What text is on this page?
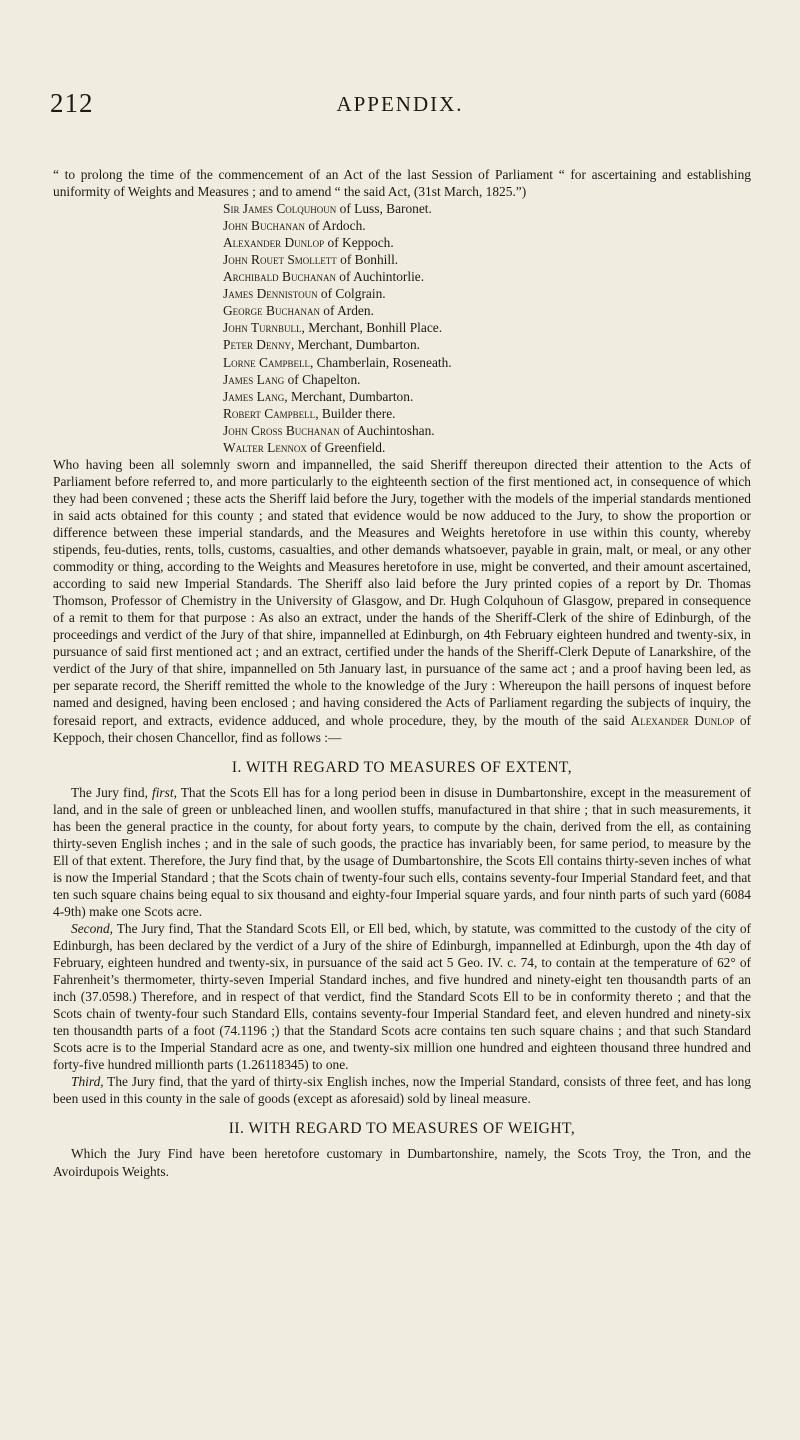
212	APPENDIX.

“ to prolong the time of the commencement of an Act of the last Session of Parliament “ for ascertaining and establishing uniformity of Weights and Measures ; and to amend “ the said Act, (31st March, 1825.”)

Sir James Colquhoun of Luss, Baronet.
John Buchanan of Ardoch.
Alexander Dunlop of Keppoch.
John Rouet Smollett of Bonhill.
Archibald Buchanan of Auchintorlie.
James Dennistoun of Colgrain.
George Buchanan of Arden.
John Turnbull, Merchant, Bonhill Place.
Peter Denny, Merchant, Dumbarton.
Lorne Campbell, Chamberlain, Roseneath.
James Lang of Chapelton.
James Lang, Merchant, Dumbarton.
Robert Campbell, Builder there.
John Cross Buchanan of Auchintoshan.
Walter Lennox of Greenfield.

Who having been all solemnly sworn and impannelled, the said Sheriff thereupon directed their attention to the Acts of Parliament before referred to, and more particularly to the eighteenth section of the first mentioned act, in consequence of which they had been convened ; these acts the Sheriff laid before the Jury, together with the models of the imperial standards mentioned in said acts obtained for this county ; and stated that evidence would be now adduced to the Jury, to show the proportion or difference between these imperial standards, and the Measures and Weights heretofore in use within this county, whereby stipends, feu-duties, rents, tolls, customs, casualties, and other demands whatsoever, payable in grain, malt, or meal, or any other commodity or thing, according to the Weights and Measures heretofore in use, might be converted, and their amount ascertained, according to said new Imperial Standards. The Sheriff also laid before the Jury printed copies of a report by Dr. Thomas Thomson, Professor of Chemistry in the University of Glasgow, and Dr. Hugh Colquhoun of Glasgow, prepared in consequence of a remit to them for that purpose : As also an extract, under the hands of the Sheriff-Clerk of the shire of Edinburgh, of the proceedings and verdict of the Jury of that shire, impannelled at Edinburgh, on 4th February eighteen hundred and twenty-six, in pursuance of said first mentioned act ; and an extract, certified under the hands of the Sheriff-Clerk Depute of Lanarkshire, of the verdict of the Jury of that shire, impannelled on 5th January last, in pursuance of the same act ; and a proof having been led, as per separate record, the Sheriff remitted the whole to the knowledge of the Jury : Whereupon the haill persons of inquest before named and designed, having been enclosed ; and having considered the Acts of Parliament regarding the subjects of inquiry, the foresaid report, and extracts, evidence adduced, and whole procedure, they, by the mouth of the said Alexander Dunlop of Keppoch, their chosen Chancellor, find as follows :—

I. WITH REGARD TO MEASURES OF EXTENT,

The Jury find, first, That the Scots Ell has for a long period been in disuse in Dumbartonshire, except in the measurement of land, and in the sale of green or unbleached linen, and woollen stuffs, manufactured in that shire ; that in such measurements, it has been the general practice in the county, for about forty years, to compute by the chain, derived from the ell, as containing thirty-seven English inches ; and in the sale of such goods, the practice has invariably been, for same period, to measure by the Ell of that extent. Therefore, the Jury find that, by the usage of Dumbartonshire, the Scots Ell contains thirty-seven inches of what is now the Imperial Standard ; that the Scots chain of twenty-four such ells, contains seventy-four Imperial Standard feet, and that ten such square chains being equal to six thousand and eighty-four Imperial square yards, and four ninth parts of such yard (6084 4-9th) make one Scots acre.

Second, The Jury find, That the Standard Scots Ell, or Ell bed, which, by statute, was committed to the custody of the city of Edinburgh, has been declared by the verdict of a Jury of the shire of Edinburgh, impannelled at Edinburgh, upon the 4th day of February, eighteen hundred and twenty-six, in pursuance of the said act 5 Geo. IV. c. 74, to contain at the temperature of 62° of Fahrenheit’s thermometer, thirty-seven Imperial Standard inches, and five hundred and ninety-eight ten thousandth parts of an inch (37.0598.) Therefore, and in respect of that verdict, find the Standard Scots Ell to be in conformity thereto ; and that the Scots chain of twenty-four such Standard Ells, contains seventy-four Imperial Standard feet, and eleven hundred and ninety-six ten thousandth parts of a foot (74.1196 ;) that the Standard Scots acre contains ten such square chains ; and that such Standard Scots acre is to the Imperial Standard acre as one, and twenty-six million one hundred and eighteen thousand three hundred and forty-five hundred millionth parts (1.26118345) to one.

Third, The Jury find, that the yard of thirty-six English inches, now the Imperial Standard, consists of three feet, and has long been used in this county in the sale of goods (except as aforesaid) sold by lineal measure.

II. WITH REGARD TO MEASURES OF WEIGHT,

Which the Jury Find have been heretofore customary in Dumbartonshire, namely, the Scots Troy, the Tron, and the Avoirdupois Weights.
